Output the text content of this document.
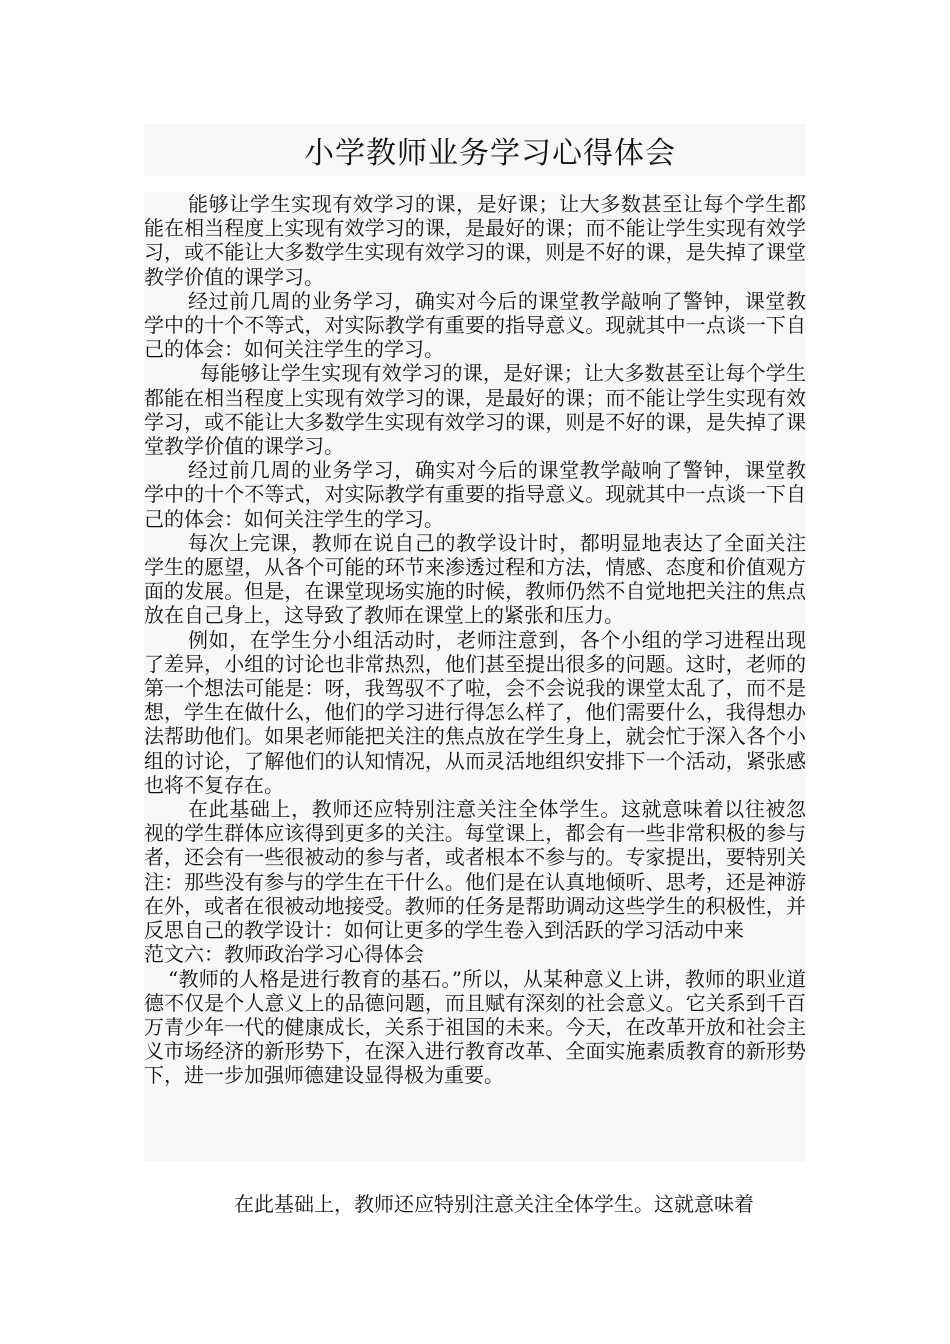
小学教师业务学习心得体会

能够让学生实现有效学习的课，是好课；让大多数甚至让每个学生都能在相当程度上实现有效学习的课，是最好的课；而不能让学生实现有效学习，或不能让大多数学生实现有效学习的课，则是不好的课，是失掉了课堂教学价值的课学习。

经过前几周的业务学习，确实对今后的课堂教学敲响了警钟，课堂教学中的十个不等式，对实际教学有重要的指导意义。现就其中一点谈一下自己的体会：如何关注学生的学习。

每能够让学生实现有效学习的课，是好课；让大多数甚至让每个学生都能在相当程度上实现有效学习的课，是最好的课；而不能让学生实现有效学习，或不能让大多数学生实现有效学习的课，则是不好的课，是失掉了课堂教学价值的课学习。

经过前几周的业务学习，确实对今后的课堂教学敲响了警钟，课堂教学中的十个不等式，对实际教学有重要的指导意义。现就其中一点谈一下自己的体会：如何关注学生的学习。

每次上完课，教师在说自己的教学设计时，都明显地表达了全面关注学生的愿望，从各个可能的环节来渗透过程和方法，情感、态度和价值观方面的发展。但是，在课堂现场实施的时候，教师仍然不自觉地把关注的焦点放在自己身上，这导致了教师在课堂上的紧张和压力。

例如，在学生分小组活动时，老师注意到，各个小组的学习进程出现了差异，小组的讨论也非常热烈，他们甚至提出很多的问题。这时，老师的第一个想法可能是：呀，我驾驭不了啦，会不会说我的课堂太乱了，而不是想，学生在做什么，他们的学习进行得怎么样了，他们需要什么，我得想办法帮助他们。如果老师能把关注的焦点放在学生身上，就会忙于深入各个小组的讨论，了解他们的认知情况，从而灵活地组织安排下一个活动，紧张感也将不复存在。

在此基础上，教师还应特别注意关注全体学生。这就意味着以往被忽视的学生群体应该得到更多的关注。每堂课上，都会有一些非常积极的参与者，还会有一些很被动的参与者，或者根本不参与的。专家提出，要特别关注：那些没有参与的学生在干什么。他们是在认真地倾听、思考，还是神游在外，或者在很被动地接受。教师的任务是帮助调动这些学生的积极性，并反思自己的教学设计：如何让更多的学生卷入到活跃的学习活动中来

范文六：教师政治学习心得体会

“教师的人格是进行教育的基石。”所以，从某种意义上讲，教师的职业道德不仅是个人意义上的品德问题，而且赋有深刻的社会意义。它关系到千百万青少年一代的健康成长，关系于祖国的未来。今天，在改革开放和社会主义市场经济的新形势下，在深入进行教育改革、全面实施素质教育的新形势下，进一步加强师德建设显得极为重要。

在此基础上，教师还应特别注意关注全体学生。这就意味着
